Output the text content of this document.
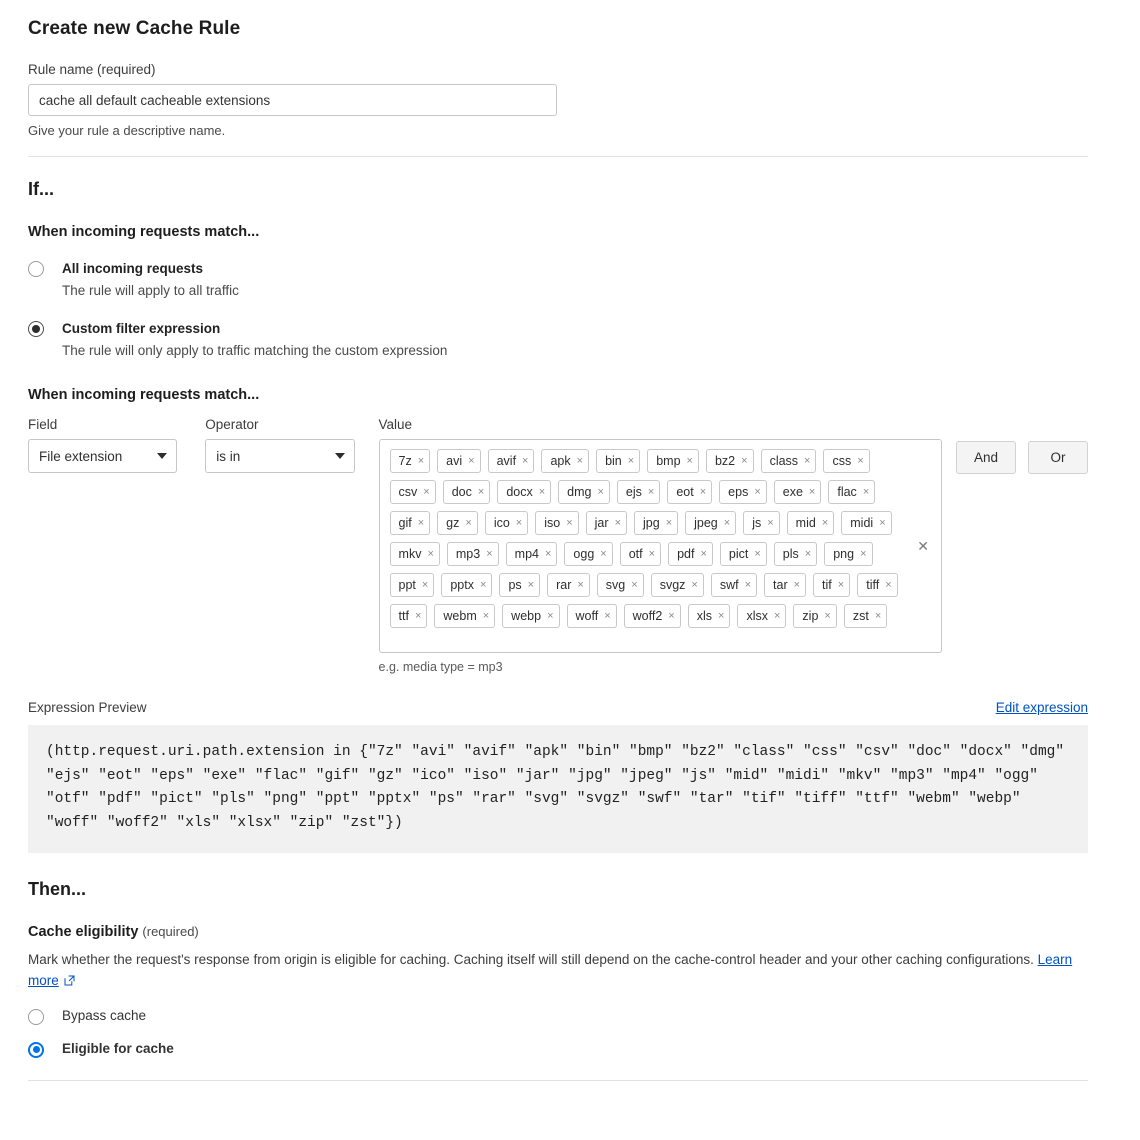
Create new Cache Rule
Rule name (required)
cache all default cacheable extensions
Give your rule a descriptive name.
If...
When incoming requests match...
All incoming requests
The rule will apply to all traffic
Custom filter expression
The rule will only apply to traffic matching the custom expression
When incoming requests match...
Field
File extension
Operator
is in
Value
7z × avi × avif × apk × bin × bmp × bz2 × class × css ×
csv × doc × docx × dmg × ejs × eot × eps × exe × flac ×
gif × gz × ico × iso × jar × jpg × jpeg × js × mid × midi ×
mkv × mp3 × mp4 × ogg × otf × pdf × pict × pls × png ×
ppt × pptx × ps × rar × svg × svgz × swf × tar × tif × tiff ×
ttf × webm × webp × woff × woff2 × xls × xlsx × zip × zst ×
✕
e.g. media type = mp3
And	Or
Expression Preview	Edit expression
(http.request.uri.path.extension in {"7z" "avi" "avif" "apk" "bin" "bmp" "bz2" "class" "css" "csv" "doc" "docx" "dmg" "ejs" "eot" "eps" "exe" "flac" "gif" "gz" "ico" "iso" "jar" "jpg" "jpeg" "js" "mid" "midi" "mkv" "mp3" "mp4" "ogg" "otf" "pdf" "pict" "pls" "png" "ppt" "pptx" "ps" "rar" "svg" "svgz" "swf" "tar" "tif" "tiff" "ttf" "webm" "webp" "woff" "woff2" "xls" "xlsx" "zip" "zst"})
Then...
Cache eligibility (required)
Mark whether the request's response from origin is eligible for caching. Caching itself will still depend on the cache-control header and your other caching configurations. Learn more
Bypass cache
Eligible for cache
